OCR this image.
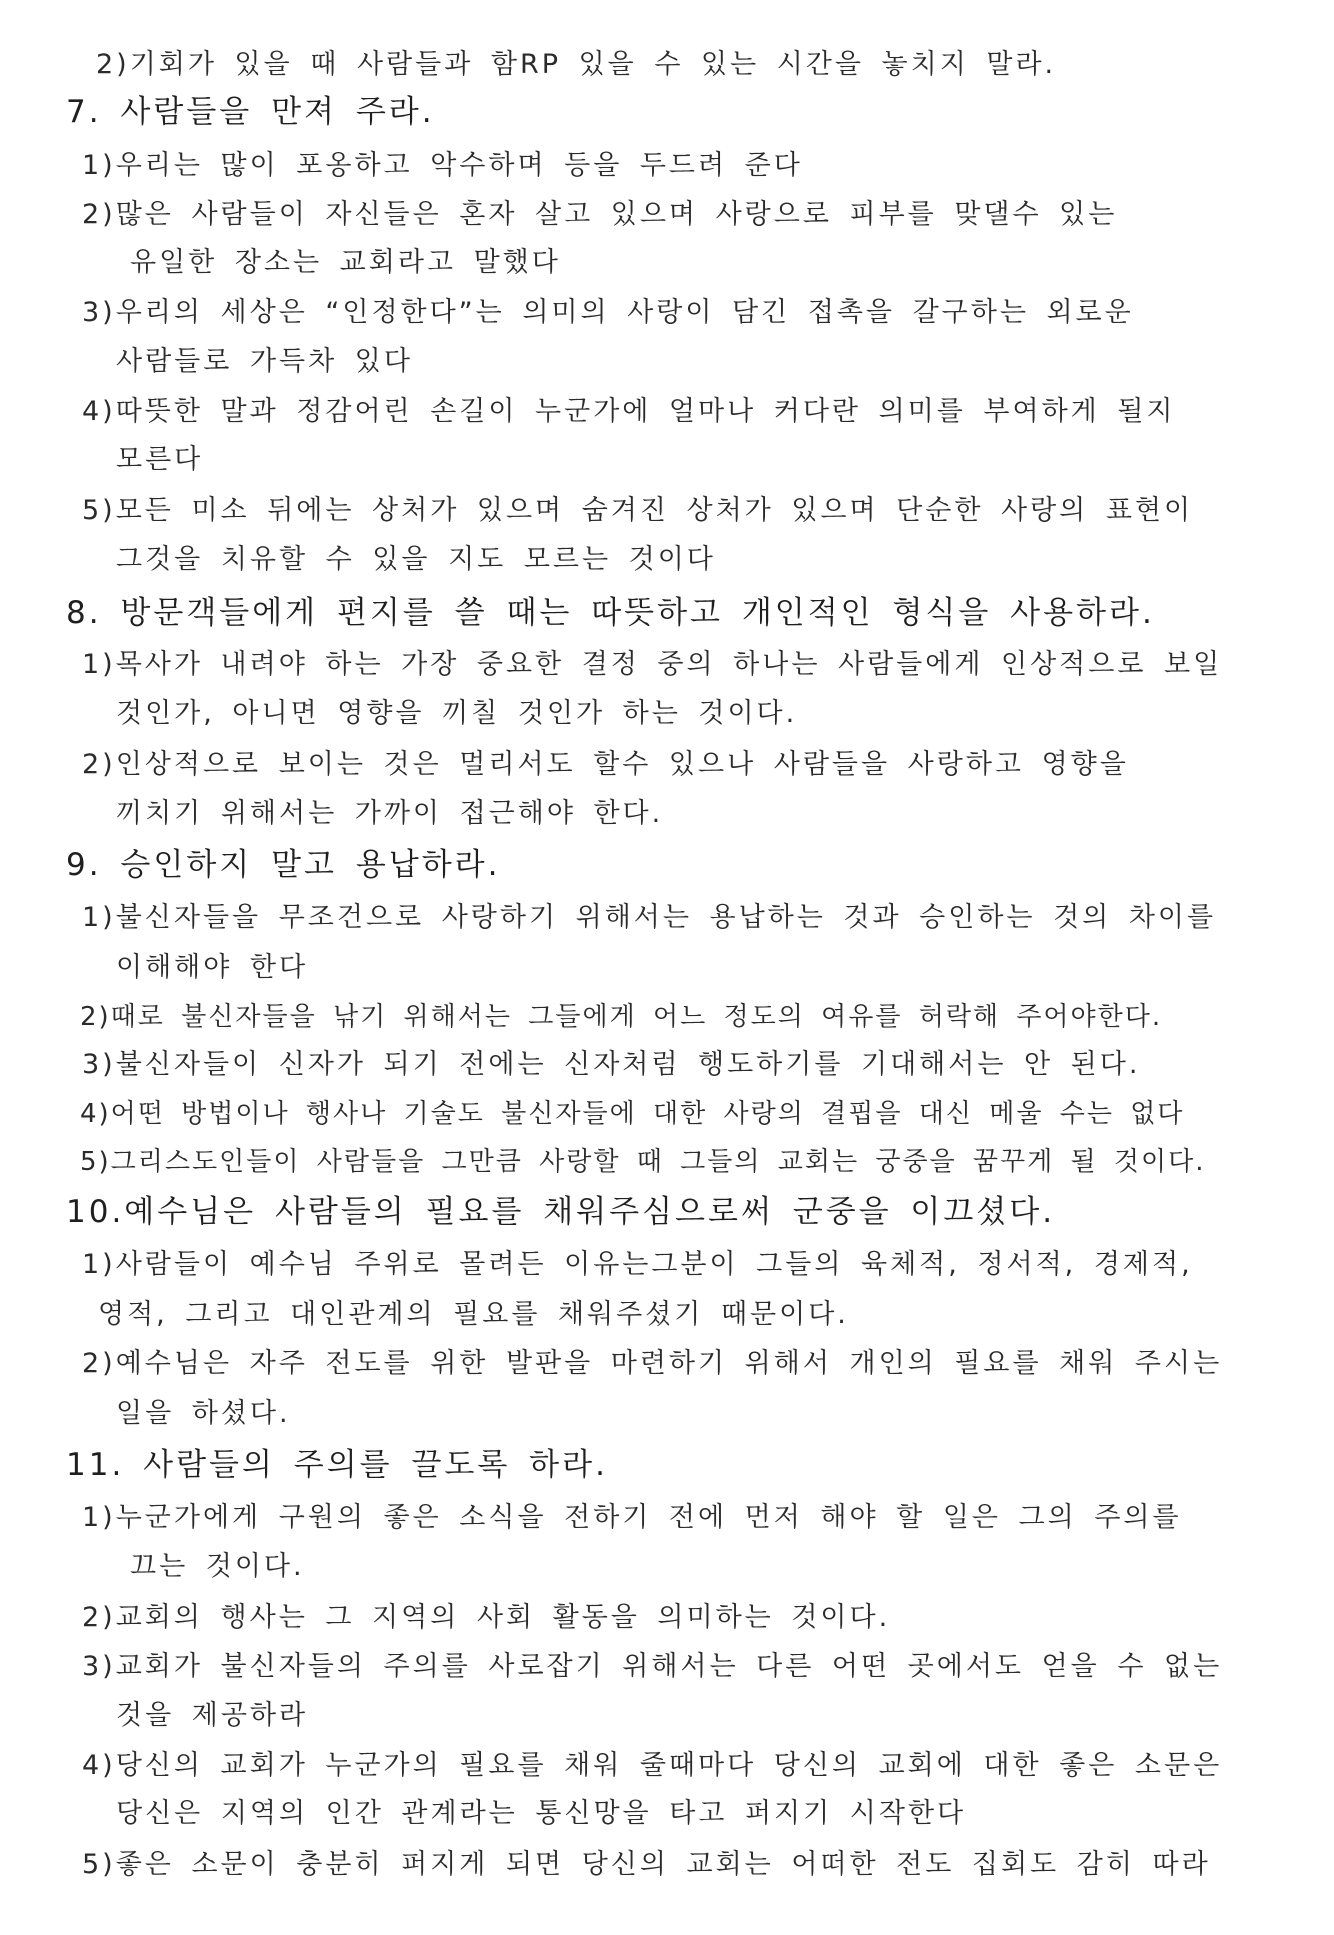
2)기회가 있을 때 사람들과 함RP 있을 수 있는 시간을 놓치지 말라.
7. 사람들을 만져 주라.
1)우리는 많이 포옹하고 악수하며 등을 두드려 준다
2)많은 사람들이 자신들은 혼자 살고 있으며 사랑으로 피부를 맞댈수 있는
유일한 장소는 교회라고 말했다
3)우리의 세상은 “인정한다”는 의미의 사랑이 담긴 접촉을 갈구하는 외로운
사람들로 가득차 있다
4)따뜻한 말과 정감어린 손길이 누군가에 얼마나 커다란 의미를 부여하게 될지
모른다
5)모든 미소 뒤에는 상처가 있으며 숨겨진 상처가 있으며 단순한 사랑의 표현이
그것을 치유할 수 있을 지도 모르는 것이다
8. 방문객들에게 편지를 쓸 때는 따뜻하고 개인적인 형식을 사용하라.
1)목사가 내려야 하는 가장 중요한 결정 중의 하나는 사람들에게 인상적으로 보일
것인가, 아니면 영향을 끼칠 것인가 하는 것이다.
2)인상적으로 보이는 것은 멀리서도 할수 있으나 사람들을 사랑하고 영향을
끼치기 위해서는 가까이 접근해야 한다.
9. 승인하지 말고 용납하라.
1)불신자들을 무조건으로 사랑하기 위해서는 용납하는 것과 승인하는 것의 차이를
이해해야 한다
2)때로 불신자들을 낚기 위해서는 그들에게 어느 정도의 여유를 허락해 주어야한다.
3)불신자들이 신자가 되기 전에는 신자처럼 행도하기를 기대해서는 안 된다.
4)어떤 방법이나 행사나 기술도 불신자들에 대한 사랑의 결핍을 대신 메울 수는 없다
5)그리스도인들이 사람들을 그만큼 사랑할 때 그들의 교회는 궁중을 꿈꾸게 될 것이다.
10.예수님은 사람들의 필요를 채워주심으로써 군중을 이끄셨다.
1)사람들이 예수님 주위로 몰려든 이유는그분이 그들의 육체적, 정서적, 경제적,
영적, 그리고 대인관계의 필요를 채워주셨기 때문이다.
2)예수님은 자주 전도를 위한 발판을 마련하기 위해서 개인의 필요를 채워 주시는
일을 하셨다.
11. 사람들의 주의를 끌도록 하라.
1)누군가에게 구원의 좋은 소식을 전하기 전에 먼저 해야 할 일은 그의 주의를
끄는 것이다.
2)교회의 행사는 그 지역의 사회 활동을 의미하는 것이다.
3)교회가 불신자들의 주의를 사로잡기 위해서는 다른 어떤 곳에서도 얻을 수 없는
것을 제공하라
4)당신의 교회가 누군가의 필요를 채워 줄때마다 당신의 교회에 대한 좋은 소문은
당신은 지역의 인간 관계라는 통신망을 타고 퍼지기 시작한다
5)좋은 소문이 충분히 퍼지게 되면 당신의 교회는 어떠한 전도 집회도 감히 따라
